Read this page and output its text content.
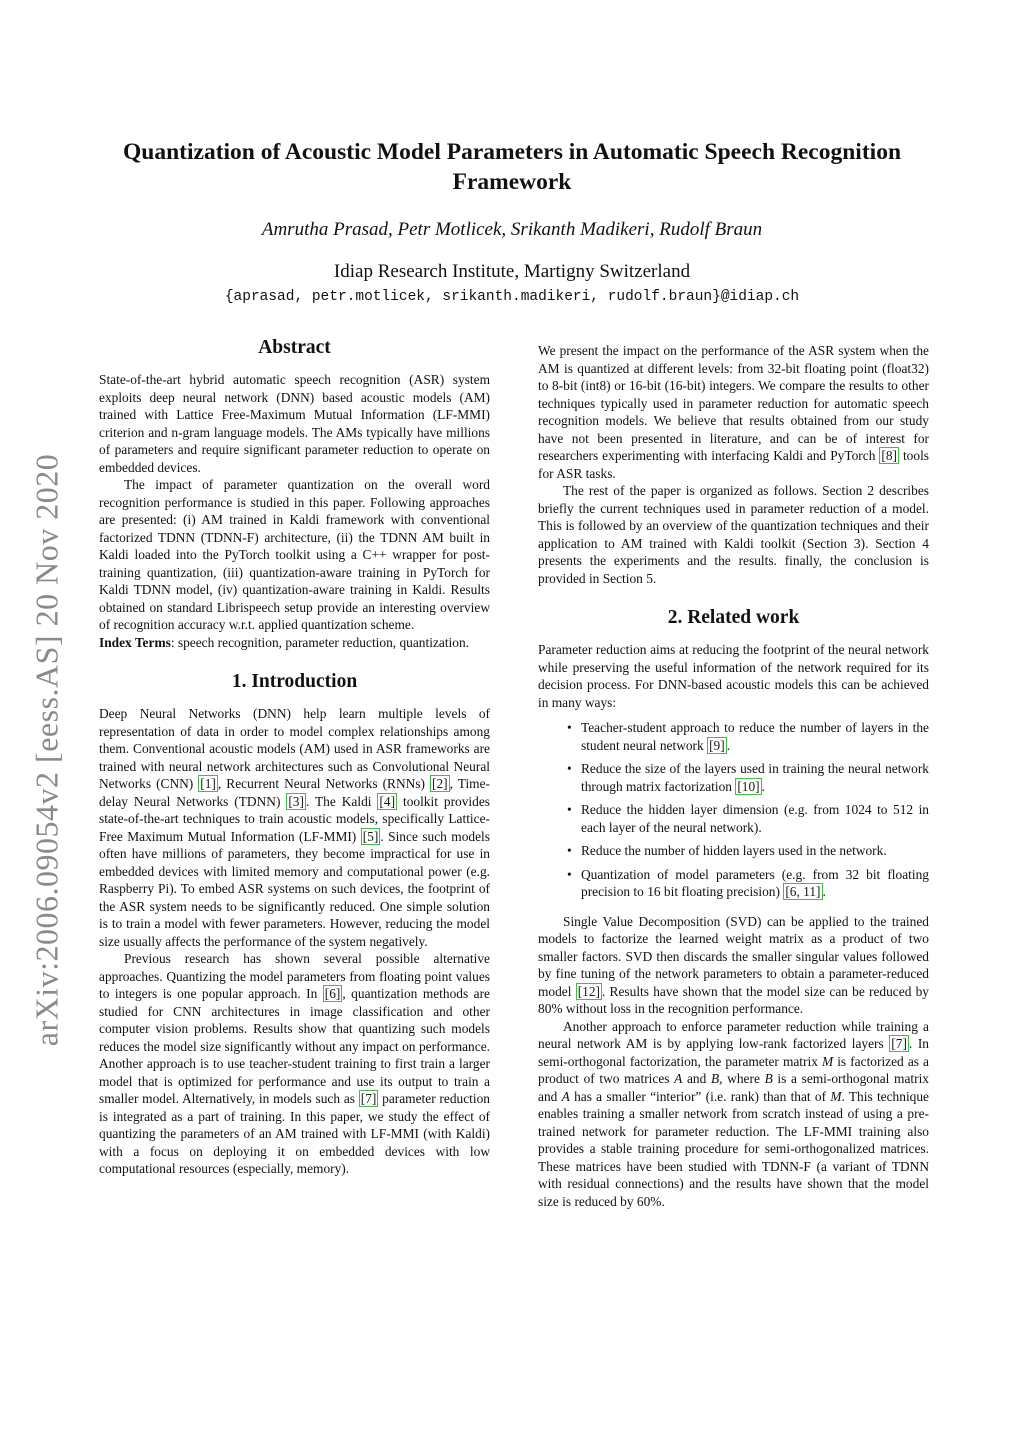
arXiv:2006.09054v2 [eess.AS] 20 Nov 2020
Quantization of Acoustic Model Parameters in Automatic Speech Recognition Framework
Amrutha Prasad, Petr Motlicek, Srikanth Madikeri, Rudolf Braun
Idiap Research Institute, Martigny Switzerland
{aprasad, petr.motlicek, srikanth.madikeri, rudolf.braun}@idiap.ch
Abstract

State-of-the-art hybrid automatic speech recognition (ASR) system exploits deep neural network (DNN) based acoustic models (AM) trained with Lattice Free-Maximum Mutual Information (LF-MMI) criterion and n-gram language models. The AMs typically have millions of parameters and require significant parameter reduction to operate on embedded devices.

The impact of parameter quantization on the overall word recognition performance is studied in this paper. Following approaches are presented: (i) AM trained in Kaldi framework with conventional factorized TDNN (TDNN-F) architecture, (ii) the TDNN AM built in Kaldi loaded into the PyTorch toolkit using a C++ wrapper for post-training quantization, (iii) quantization-aware training in PyTorch for Kaldi TDNN model, (iv) quantization-aware training in Kaldi. Results obtained on standard Librispeech setup provide an interesting overview of recognition accuracy w.r.t. applied quantization scheme.

Index Terms: speech recognition, parameter reduction, quantization.

1. Introduction

Deep Neural Networks (DNN) help learn multiple levels of representation of data in order to model complex relationships among them. Conventional acoustic models (AM) used in ASR frameworks are trained with neural network architectures such as Convolutional Neural Networks (CNN) [1] , Recurrent Neural Networks (RNNs) [2] , Time-delay Neural Networks (TDNN) [3] . The Kaldi [4] toolkit provides state-of-the-art techniques to train acoustic models, specifically Lattice-Free Maximum Mutual Information (LF-MMI) [5] . Since such models often have millions of parameters, they become impractical for use in embedded devices with limited memory and computational power (e.g. Raspberry Pi). To embed ASR systems on such devices, the footprint of the ASR system needs to be significantly reduced. One simple solution is to train a model with fewer parameters. However, reducing the model size usually affects the performance of the system negatively.

Previous research has shown several possible alternative approaches. Quantizing the model parameters from floating point values to integers is one popular approach. In [6] , quantization methods are studied for CNN architectures in image classification and other computer vision problems. Results show that quantizing such models reduces the model size significantly without any impact on performance. Another approach is to use teacher-student training to first train a larger model that is optimized for performance and use its output to train a smaller model. Alternatively, in models such as [7] parameter reduction is integrated as a part of training. In this paper, we study the effect of quantizing the parameters of an AM trained with LF-MMI (with Kaldi) with a focus on deploying it on embedded devices with low computational resources (especially, memory).

We present the impact on the performance of the ASR system when the AM is quantized at different levels: from 32-bit floating point (float32) to 8-bit (int8) or 16-bit (16-bit) integers. We compare the results to other techniques typically used in parameter reduction for automatic speech recognition models. We believe that results obtained from our study have not been presented in literature, and can be of interest for researchers experimenting with interfacing Kaldi and PyTorch [8] tools for ASR tasks.

The rest of the paper is organized as follows. Section 2 describes briefly the current techniques used in parameter reduction of a model. This is followed by an overview of the quantization techniques and their application to AM trained with Kaldi toolkit (Section 3). Section 4 presents the experiments and the results. finally, the conclusion is provided in Section 5.

2. Related work

Parameter reduction aims at reducing the footprint of the neural network while preserving the useful information of the network required for its decision process. For DNN-based acoustic models this can be achieved in many ways:

• Teacher-student approach to reduce the number of layers in the student neural network [9] .
• Reduce the size of the layers used in training the neural network through matrix factorization [10] .
• Reduce the hidden layer dimension (e.g. from 1024 to 512 in each layer of the neural network).
• Reduce the number of hidden layers used in the network.
• Quantization of model parameters (e.g. from 32 bit floating precision to 16 bit floating precision) [6, 11] .

Single Value Decomposition (SVD) can be applied to the trained models to factorize the learned weight matrix as a product of two smaller factors. SVD then discards the smaller singular values followed by fine tuning of the network parameters to obtain a parameter-reduced model [12] . Results have shown that the model size can be reduced by 80% without loss in the recognition performance.

Another approach to enforce parameter reduction while training a neural network AM is by applying low-rank factorized layers [7] . In semi-orthogonal factorization, the parameter matrix M is factorized as a product of two matrices A and B, where B is a semi-orthogonal matrix and A has a smaller “interior” (i.e. rank) than that of M. This technique enables training a smaller network from scratch instead of using a pre-trained network for parameter reduction. The LF-MMI training also provides a stable training procedure for semi-orthogonalized matrices. These matrices have been studied with TDNN-F (a variant of TDNN with residual connections) and the results have shown that the model size is reduced by 60%.
